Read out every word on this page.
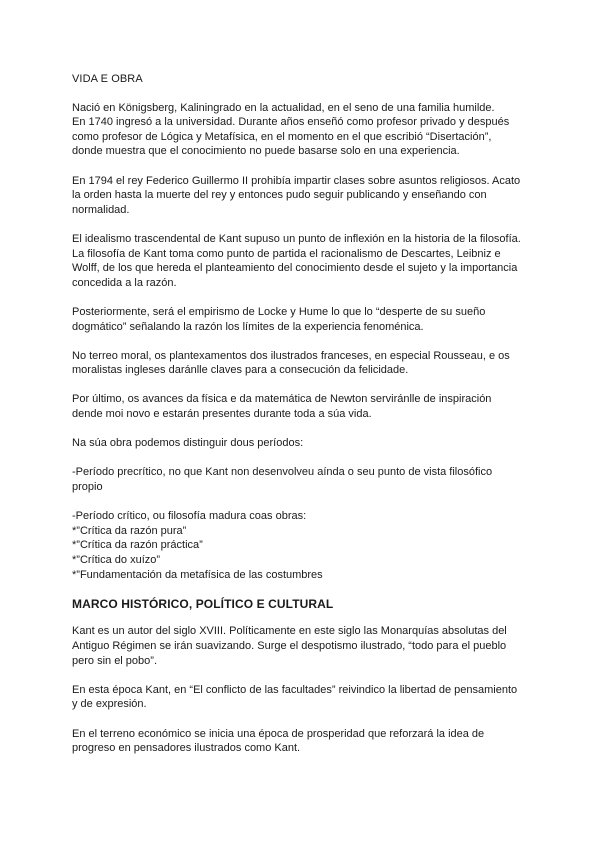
VIDA E OBRA
Nació en Königsberg, Kaliningrado en la actualidad, en el seno de una familia humilde.
En 1740 ingresó a la universidad. Durante años enseñó como profesor privado y después
como profesor de Lógica y Metafísica, en el momento en el que escribió “Disertación”,
donde muestra que el conocimiento no puede basarse solo en una experiencia.
En 1794 el rey Federico Guillermo II prohibía impartir clases sobre asuntos religiosos. Acato
la orden hasta la muerte del rey y entonces pudo seguir publicando y enseñando con
normalidad.
El idealismo trascendental de Kant supuso un punto de inflexión en la historia de la filosofía.
La filosofía de Kant toma como punto de partida el racionalismo de Descartes, Leibniz e
Wolff, de los que hereda el planteamiento del conocimiento desde el sujeto y la importancia
concedida a la razón.
Posteriormente, será el empirismo de Locke y Hume lo que lo “desperte de su sueño
dogmático” señalando la razón los límites de la experiencia fenoménica.
No terreo moral, os plantexamentos dos ilustrados franceses, en especial Rousseau, e os
moralistas ingleses daránlle claves para a consecución da felicidade.
Por último, os avances da física e da matemática de Newton serviránlle de inspiración
dende moi novo e estarán presentes durante toda a súa vida.
Na súa obra podemos distinguir dous períodos:
-Período precrítico, no que Kant non desenvolveu aínda o seu punto de vista filosófico
propio
-Período crítico, ou filosofía madura coas obras:
*”Crítica da razón pura”
*”Crítica da razón práctica”
*”Crítica do xuízo”
*”Fundamentación da metafísica de las costumbres
MARCO HISTÓRICO, POLÍTICO E CULTURAL
Kant es un autor del siglo XVIII. Políticamente en este siglo las Monarquías absolutas del
Antiguo Régimen se irán suavizando. Surge el despotismo ilustrado, “todo para el pueblo
pero sin el pobo”.
En esta época Kant, en “El conflicto de las facultades” reivindico la libertad de pensamiento
y de expresión.
En el terreno económico se inicia una época de prosperidad que reforzará la idea de
progreso en pensadores ilustrados como Kant.
